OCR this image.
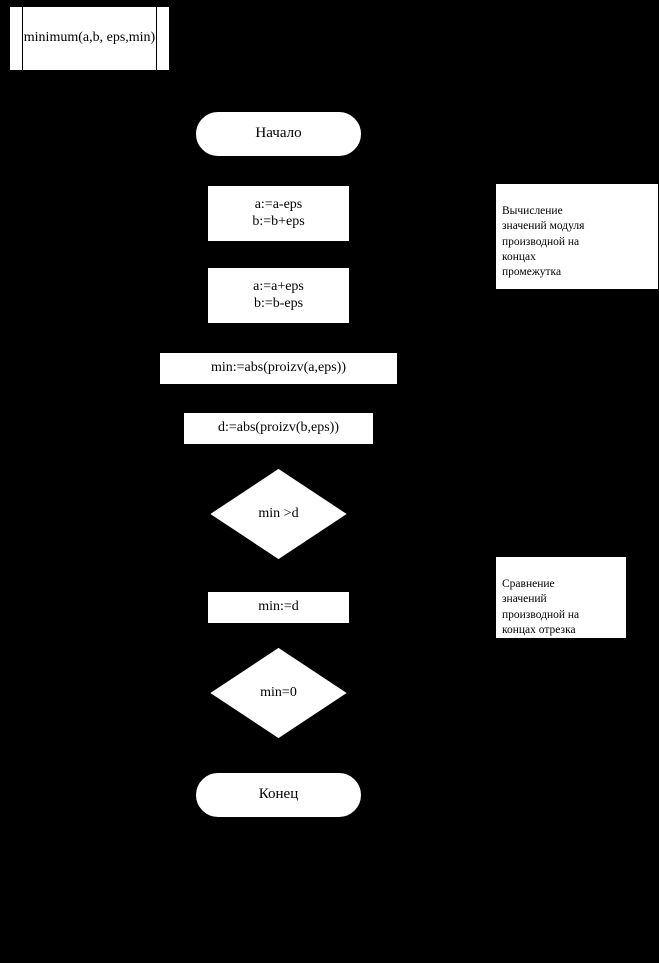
minimum(a,b, eps,min)
Начало
a:=a-eps
b:=b+eps
a:=a+eps
b:=b-eps
min:=abs(proizv(a,eps))
d:=abs(proizv(b,eps))
min >d
min:=d
min=0
Конец

Вычисление
значений модуля
производной на
концах
промежутка

Сравнение
значений
производной на
концах отрезка
